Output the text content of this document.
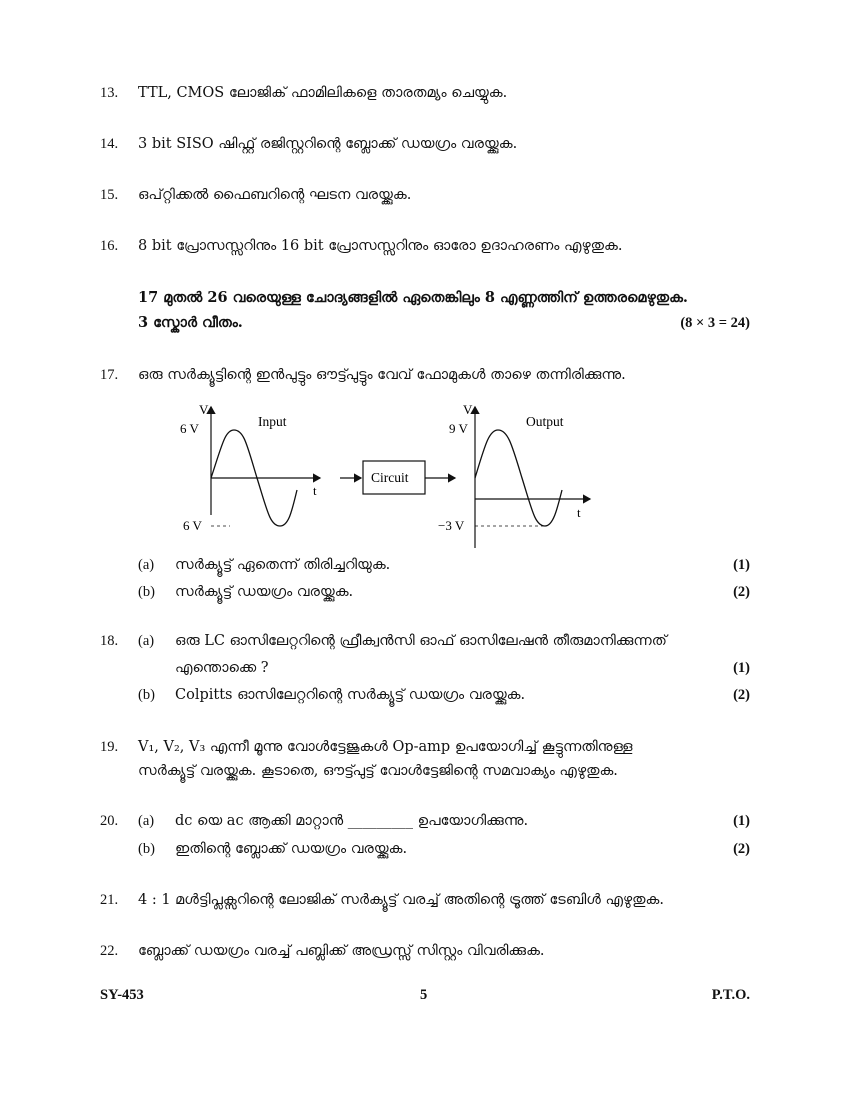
13. TTL, CMOS ലോജിക് ഫാമിലികളെ താരതമ്യം ചെയ്യുക.
14. 3 bit SISO ഷിഫ്റ്റ് രജിസ്റ്ററിന്റെ ബ്ലോക്ക് ഡയഗ്രം വരയ്ക്കുക.
15. ഒപ്റ്റിക്കൽ ഫൈബറിന്റെ ഘടന വരയ്ക്കുക.
16. 8 bit പ്രോസസ്സറിനും 16 bit പ്രോസസ്സറിനും ഓരോ ഉദാഹരണം എഴുതുക.
17 മുതൽ 26 വരെയുള്ള ചോദ്യങ്ങളിൽ ഏതെങ്കിലും 8 എണ്ണത്തിന് ഉത്തരമെഴുതുക.
3 സ്കോർ വീതം.	(8 × 3 = 24)
17. ഒരു സർക്യൂട്ടിന്റെ ഇൻപുട്ടും ഔട്ട്പുട്ടും വേവ് ഫോമുകൾ താഴെ തന്നിരിക്കുന്നു.
V
6 V
6 V
Input
t
Circuit
V
9 V
−3 V
Output
t
(a) സർക്യൂട്ട് ഏതെന്ന് തിരിച്ചറിയുക.	(1)
(b) സർക്യൂട്ട് ഡയഗ്രം വരയ്ക്കുക.	(2)
18. (a) ഒരു LC ഓസിലേറ്ററിന്റെ ഫ്രീക്വൻസി ഓഫ് ഓസിലേഷൻ തീരുമാനിക്കുന്നത്
എന്തൊക്കെ ?	(1)
(b) Colpitts ഓസിലേറ്ററിന്റെ സർക്യൂട്ട് ഡയഗ്രം വരയ്ക്കുക.	(2)
19. V₁, V₂, V₃ എന്നീ മൂന്നു വോൾട്ടേജുകൾ Op-amp ഉപയോഗിച്ച് കൂട്ടുന്നതിനുള്ള
സർക്യൂട്ട് വരയ്ക്കുക. കൂടാതെ, ഔട്ട്പുട്ട് വോൾട്ടേജിന്റെ സമവാക്യം എഴുതുക.
20. (a) dc യെ ac ആക്കി മാറ്റാൻ _________ ഉപയോഗിക്കുന്നു.	(1)
(b) ഇതിന്റെ ബ്ലോക്ക് ഡയഗ്രം വരയ്ക്കുക.	(2)
21. 4 : 1 മൾട്ടിപ്ലക്സറിന്റെ ലോജിക് സർക്യൂട്ട് വരച്ച് അതിന്റെ ട്രൂത്ത് ടേബിൾ എഴുതുക.
22. ബ്ലോക്ക് ഡയഗ്രം വരച്ച് പബ്ലിക്ക് അഡ്രസ്സ് സിസ്റ്റം വിവരിക്കുക.
SY-453	5	P.T.O.
